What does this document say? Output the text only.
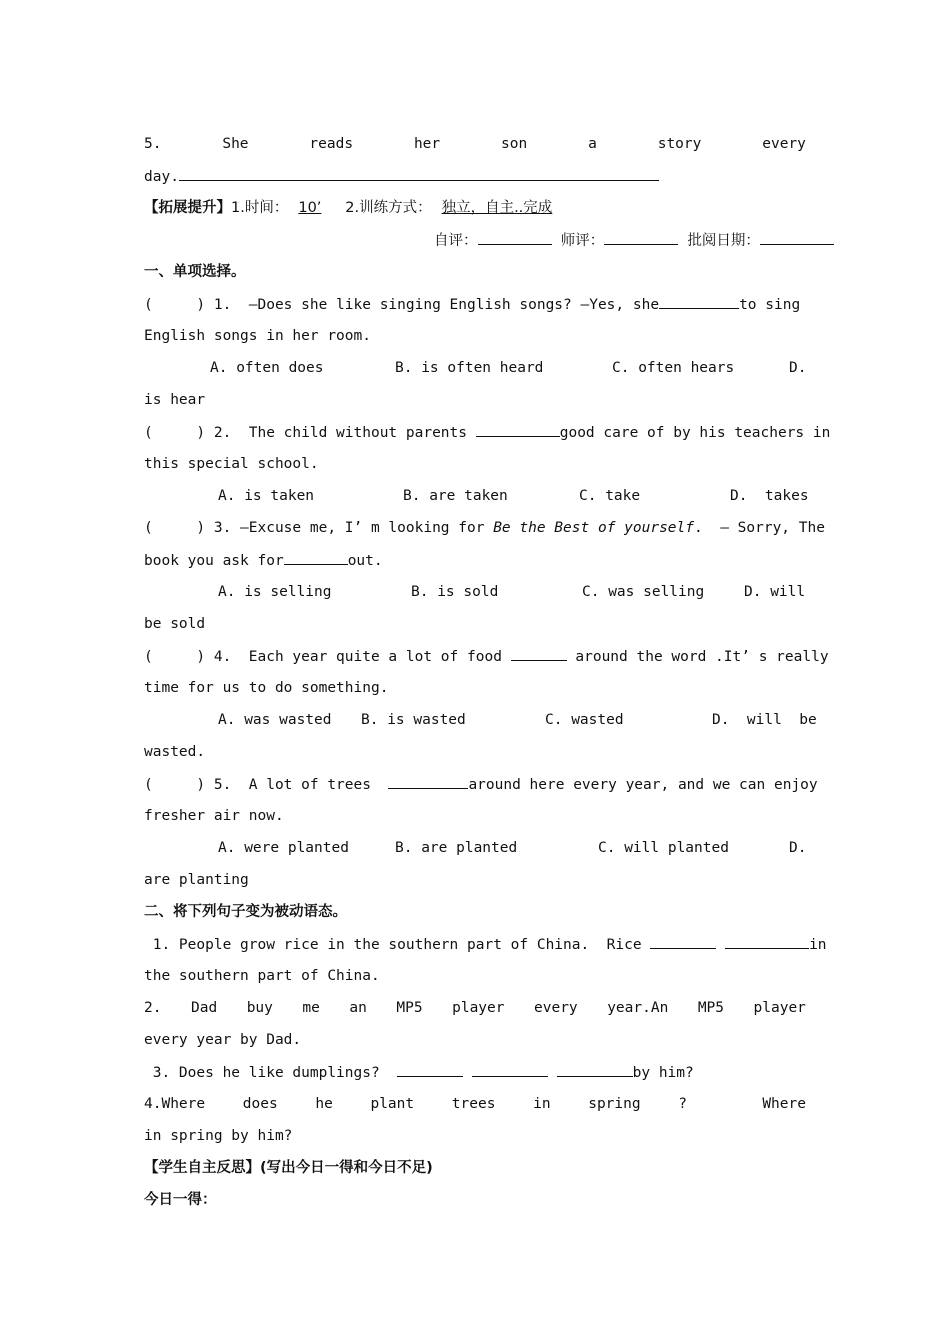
5.	She	reads	her	son	a	story	every
day.
【拓展提升】1.时间： 10’ 2.训练方式： 独立，自主..完成
自评：	师评：	批阅日期：
一、单项选择。
(     ) 1.  —Does she like singing English songs? —Yes, she	to sing
English songs in her room.
A. often does	B. is often heard	C. often hears	D.
is hear
(     ) 2.  The child without parents	good care of by his teachers in
this special school.
A. is taken	B. are taken	C. take	D.  takes
(     ) 3. —Excuse me, I’ m looking for Be the Best of yourself.  — Sorry, The
book you ask for	out.
A. is selling	B. is sold	C. was selling	D. will
be sold
(     ) 4.  Each year quite a lot of food	around the word .It’ s really
time for us to do something.
A. was wasted B. is wasted	C. wasted	D.  will  be
wasted.
(     ) 5.  A lot of trees	around here every year, and we can enjoy
fresher air now.
A. were planted	B. are planted	C. will planted	D.
are planting
二、将下列句子变为被动语态。
1. People grow rice in the southern part of China.  Rice	in
the southern part of China.
2. Dad buy me an MP5 player every year.An MP5 player
every year by Dad.
3. Does he like dumplings?	by him?
4.Where	does	he	plant	trees	in	spring	?	Where
in spring by him?
【学生自主反思】(写出今日一得和今日不足)
今日一得：
